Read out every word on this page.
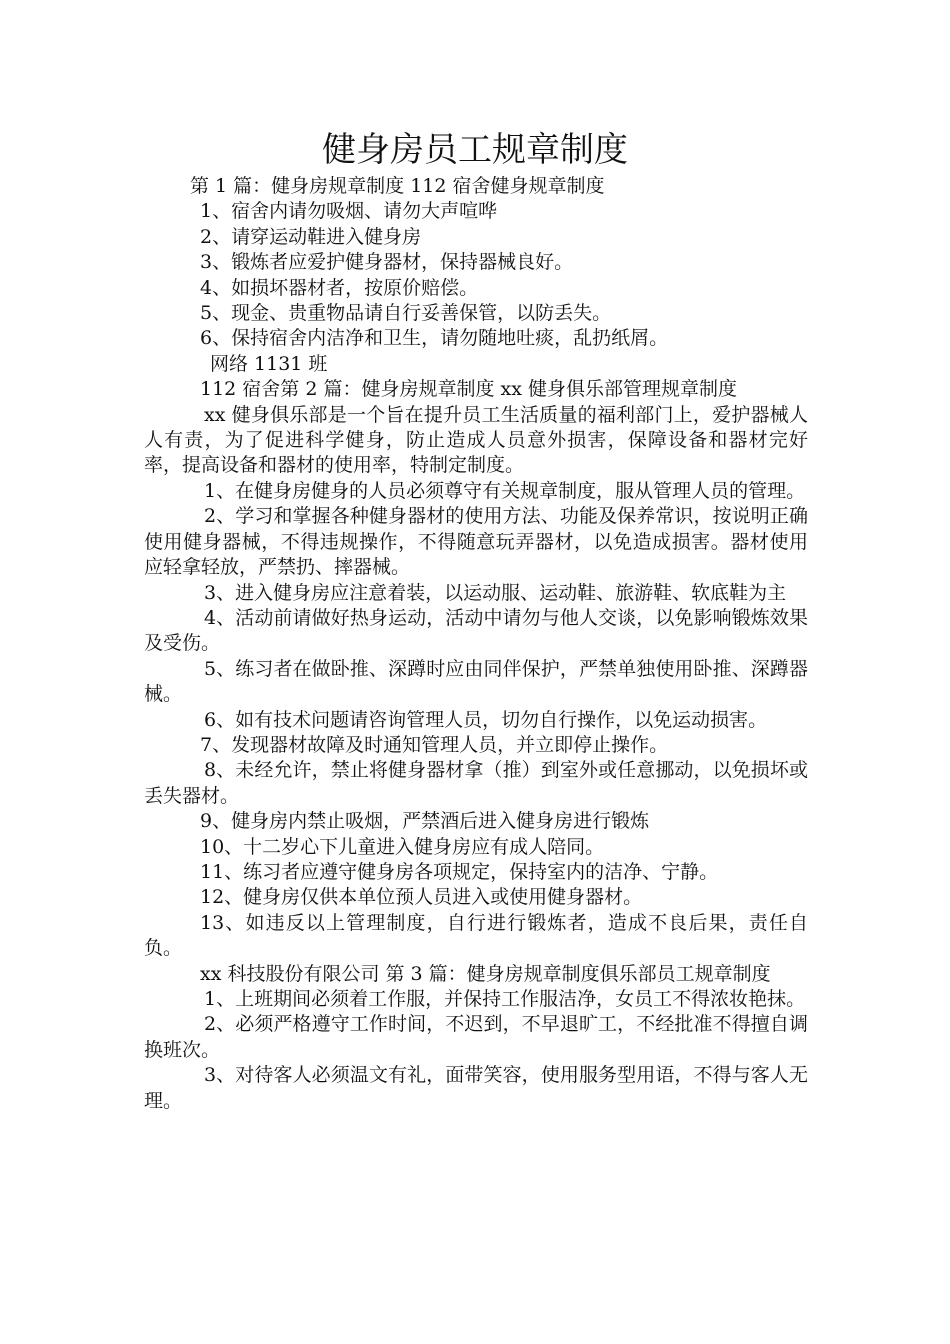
健身房员工规章制度

第 1 篇：健身房规章制度 112 宿舍健身规章制度

1、宿舍内请勿吸烟、请勿大声喧哗

2、请穿运动鞋进入健身房

3、锻炼者应爱护健身器材，保持器械良好。

4、如损坏器材者，按原价赔偿。

5、现金、贵重物品请自行妥善保管，以防丢失。

6、保持宿舍内洁净和卫生，请勿随地吐痰，乱扔纸屑。

网络 1131 班

112 宿舍第 2 篇：健身房规章制度 xx 健身俱乐部管理规章制度

xx 健身俱乐部是一个旨在提升员工生活质量的福利部门上，爱护器械人人有责，为了促进科学健身，防止造成人员意外损害，保障设备和器材完好率，提高设备和器材的使用率，特制定制度。

1、在健身房健身的人员必须尊守有关规章制度，服从管理人员的管理。

2、学习和掌握各种健身器材的使用方法、功能及保养常识，按说明正确使用健身器械，不得违规操作，不得随意玩弄器材，以免造成损害。器材使用应轻拿轻放，严禁扔、摔器械。

3、进入健身房应注意着装，以运动服、运动鞋、旅游鞋、软底鞋为主

4、活动前请做好热身运动，活动中请勿与他人交谈，以免影响锻炼效果及受伤。

5、练习者在做卧推、深蹲时应由同伴保护，严禁单独使用卧推、深蹲器械。

6、如有技术问题请咨询管理人员，切勿自行操作，以免运动损害。

7、发现器材故障及时通知管理人员，并立即停止操作。

8、未经允许，禁止将健身器材拿（推）到室外或任意挪动，以免损坏或丢失器材。

9、健身房内禁止吸烟，严禁酒后进入健身房进行锻炼

10、十二岁心下儿童进入健身房应有成人陪同。

11、练习者应遵守健身房各项规定，保持室内的洁净、宁静。

12、健身房仅供本单位预人员进入或使用健身器材。

13、如违反以上管理制度，自行进行锻炼者，造成不良后果，责任自负。

xx 科技股份有限公司 第 3 篇：健身房规章制度俱乐部员工规章制度

1、上班期间必须着工作服，并保持工作服洁净，女员工不得浓妆艳抹。

2、必须严格遵守工作时间，不迟到，不早退旷工，不经批准不得擅自调换班次。

3、对待客人必须温文有礼，面带笑容，使用服务型用语，不得与客人无理。
